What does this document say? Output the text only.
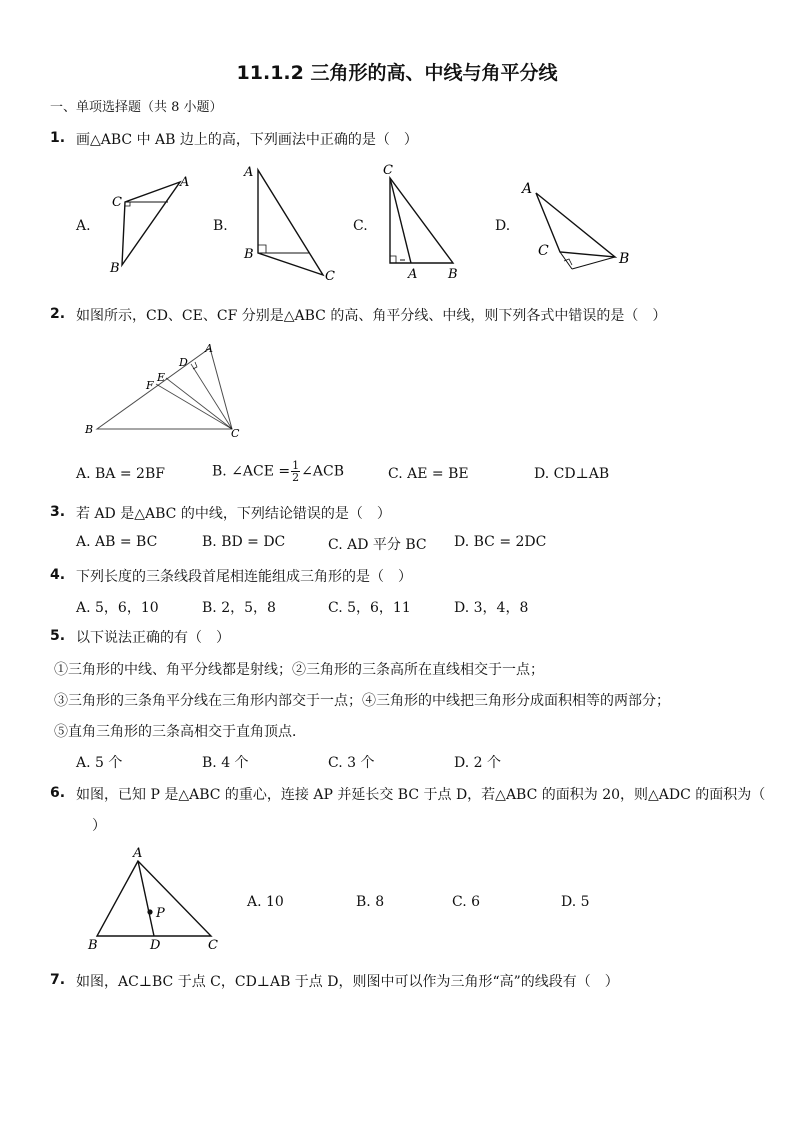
11.1.2 三角形的高、中线与角平分线
一、单项选择题（共 8 小题）
1. 画△ABC 中 AB 边上的高，下列画法中正确的是（　）
A.	B.	C.	D.
C
A
B
A
B
C
C
A B
A
C	B
2. 如图所示，CD、CE、CF 分别是△ABC 的高、角平分线、中线，则下列各式中错误的是（　）
A
D
E
F
B	C
A. BA = 2BF	B. ∠ACE = $\frac{1}{2}$ ∠ACB	C. AE = BE	D. CD⊥AB
3. 若 AD 是△ABC 的中线，下列结论错误的是（　）
A. AB = BC	B. BD = DC	C. AD 平分 BC D. BC = 2DC
4. 下列长度的三条线段首尾相连能组成三角形的是（　）
A. 5，6，10	B. 2，5，8	C. 5，6，11	D. 3，4，8
5. 以下说法正确的有（　）
①三角形的中线、角平分线都是射线；②三角形的三条高所在直线相交于一点；
③三角形的三条角平分线在三角形内部交于一点；④三角形的中线把三角形分成面积相等的两部分；
⑤直角三角形的三条高相交于直角顶点．
A. 5 个	B. 4 个	C. 3 个	D. 2 个
6. 如图，已知 P 是△ABC 的重心，连接 AP 并延长交 BC 于点 D，若△ABC 的面积为 20，则△ADC 的面积为（
）
A
P
B	D	C
A. 10	B. 8	C. 6	D. 5
7. 如图，AC⊥BC 于点 C，CD⊥AB 于点 D，则图中可以作为三角形“高”的线段有（　）
